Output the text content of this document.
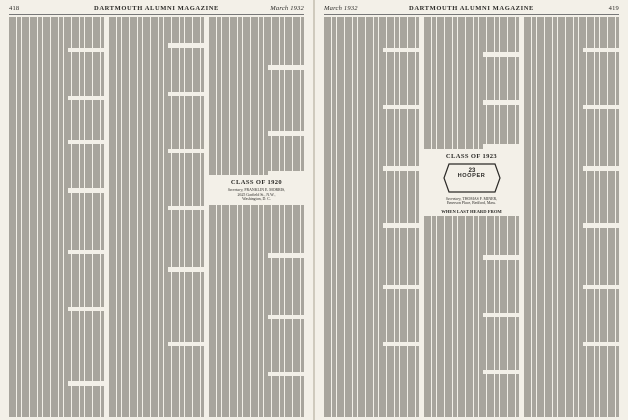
418	DARTMOUTH ALUMNI MAGAZINE	March 1932
CLASS OF 1920
Secretary, FRANKLIN E. MORRIS,
2625 Garfield St., N.W.,
Washington, D. C.
March 1932	DARTMOUTH ALUMNI MAGAZINE	419
CLASS OF 1923
23
HOOPER
Secretary, THOMAS F. MINER,
Emerson Place, Bedford, Mass.
WHEN LAST HEARD FROM
